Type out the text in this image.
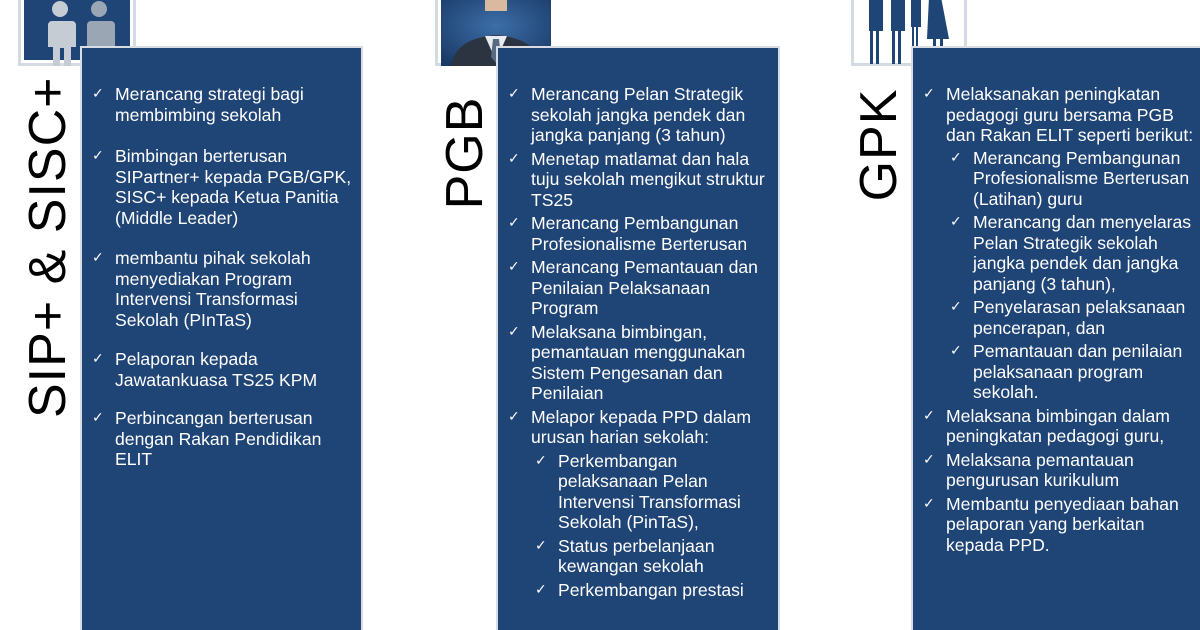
SIP+ & SISC+	✓ Merancang strategi bagi membimbing sekolah
✓ Bimbingan berterusan SIPartner+ kepada PGB/GPK, SISC+ kepada Ketua Panitia (Middle Leader)
✓ membantu pihak sekolah menyediakan Program Intervensi Transformasi Sekolah (PInTaS)
✓ Pelaporan kepada Jawatankuasa TS25 KPM
✓ Perbincangan berterusan dengan Rakan Pendidikan ELIT
PGB
✓ Merancang Pelan Strategik sekolah jangka pendek dan jangka panjang (3 tahun)
✓ Menetap matlamat dan hala tuju sekolah mengikut struktur TS25
✓ Merancang Pembangunan Profesionalisme Berterusan
✓ Merancang Pemantauan dan Penilaian Pelaksanaan Program
✓ Melaksana bimbingan, pemantauan menggunakan Sistem Pengesanan dan Penilaian
✓ Melapor kepada PPD dalam urusan harian sekolah:
✓ Perkembangan pelaksanaan Pelan Intervensi Transformasi Sekolah (PinTaS),
✓ Status perbelanjaan kewangan sekolah
✓ Perkembangan prestasi
GPK	✓ Melaksanakan peningkatan pedagogi guru bersama PGB dan Rakan ELIT seperti berikut:
✓ Merancang Pembangunan Profesionalisme Berterusan (Latihan) guru
✓ Merancang dan menyelaras Pelan Strategik sekolah jangka pendek dan jangka panjang (3 tahun),
✓ Penyelarasan pelaksanaan pencerapan, dan
✓ Pemantauan dan penilaian pelaksanaan program sekolah.
✓ Melaksana bimbingan dalam peningkatan pedagogi guru,
✓ Melaksana pemantauan pengurusan kurikulum
✓ Membantu penyediaan bahan pelaporan yang berkaitan kepada PPD.
